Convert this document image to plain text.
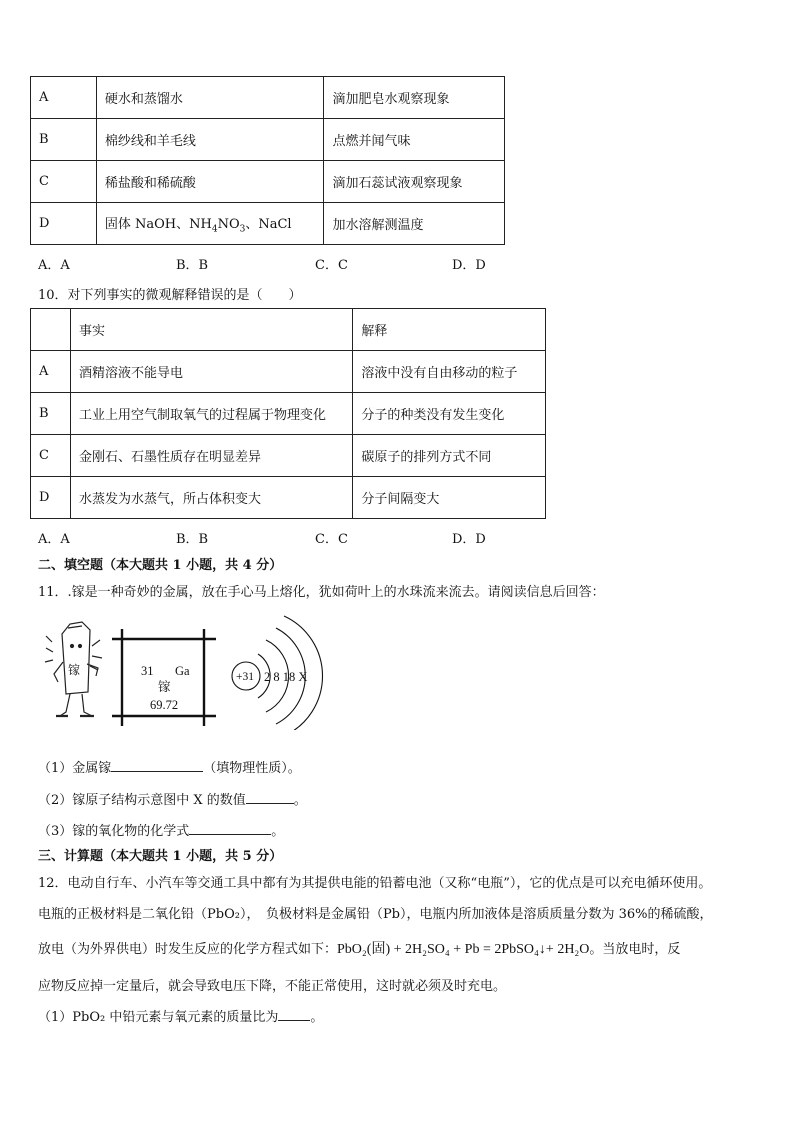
A	硬水和蒸馏水	滴加肥皂水观察现象
B	棉纱线和羊毛线	点燃并闻气味
C	稀盐酸和稀硫酸	滴加石蕊试液观察现象
D	固体 NaOH、$NH_4NO_3$、NaCl	加水溶解测温度
A．A	B．B	C．C	D．D
10．对下列事实的微观解释错误的是（　　）
	事实	解释
A	酒精溶液不能导电	溶液中没有自由移动的粒子
B	工业上用空气制取氧气的过程属于物理变化	分子的种类没有发生变化
C	金刚石、石墨性质存在明显差异	碳原子的排列方式不同
D	水蒸发为水蒸气，所占体积变大	分子间隔变大
A．A	B．B	C．C	D．D
二、填空题（本大题共 1 小题，共 4 分）
11．.镓是一种奇妙的金属，放在手心马上熔化，犹如荷叶上的水珠流来流去。请阅读信息后回答：
镓	31 Ga
镓
69.72
+31 2 8 18 X
（1）金属镓	（填物理性质）。
（2）镓原子结构示意图中 X 的数值	。
（3）镓的氧化物的化学式	。
三、计算题（本大题共 1 小题，共 5 分）
12．电动自行车、小汽车等交通工具中都有为其提供电能的铅蓄电池（又称“电瓶”），它的优点是可以充电循环使用。
电瓶的正极材料是二氧化铅（PbO₂），　负极材料是金属铅（Pb），电瓶内所加液体是溶质质量分数为 36%的稀硫酸，
放电（为外界供电）时发生反应的化学方程式如下：PbO₂(固) + 2H₂SO₄ + Pb = 2PbSO₄↓+ 2H₂O。当放电时，反
应物反应掉一定量后，就会导致电压下降，不能正常使用，这时就必须及时充电。
（1）PbO₂ 中铅元素与氧元素的质量比为 。
